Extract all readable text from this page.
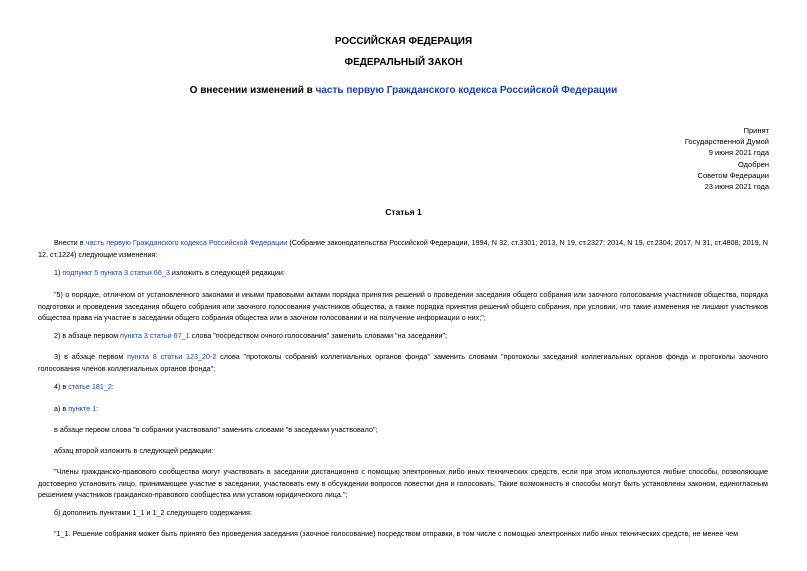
РОССИЙСКАЯ ФЕДЕРАЦИЯ
ФЕДЕРАЛЬНЫЙ ЗАКОН
О внесении изменений в часть первую Гражданского кодекса Российской Федерации
Принят
Государственной Думой
9 июня 2021 года
Одобрен
Советом Федерации
23 июня 2021 года
Статья 1
Внести в часть первую Гражданского кодекса Российской Федерации (Собрание законодательства Российской Федерации, 1994, N 32, ст.3301; 2013, N 19, ст.2327; 2014, N 19, ст.2304; 2017, N 31, ст.4808; 2019, N 12, ст.1224) следующие изменения:
1) подпункт 5 пункта 3 статьи 66_3 изложить в следующей редакции:
"5) о порядке, отличном от установленного законами и иными правовыми актами порядка принятия решений о проведении заседания общего собрания или заочного голосования участников общества, порядка подготовки и проведения заседания общего собрания или заочного голосования участников общества, а также порядка принятия решений общего собрания, при условии, что такие изменения не лишают участников общества права на участие в заседании общего собрания общества или в заочном голосовании и на получение информации о них;";
2) в абзаце первом пункта 3 статьи 67_1 слова "посредством очного голосования" заменить словами "на заседании";
3) в абзаце первом пункта 8 статьи 123_20-2 слова "протоколы собраний коллегиальных органов фонда" заменить словами "протоколы заседаний коллегиальных органов фонда и протоколы заочного голосования членов коллегиальных органов фонда";
4) в статье 181_2:
а) в пункте 1:
в абзаце первом слова "в собрании участвовало" заменить словами "в заседании участвовало";
абзац второй изложить в следующей редакции:
"Члены гражданско-правового сообщества могут участвовать в заседании дистанционно с помощью электронных либо иных технических средств, если при этом используются любые способы, позволяющие достоверно установить лицо, принимающее участие в заседании, участвовать ему в обсуждении вопросов повестки дня и голосовать. Такие возможность и способы могут быть установлены законом, единогласным решением участников гражданско-правового сообщества или уставом юридического лица.";
б) дополнить пунктами 1_1 и 1_2 следующего содержания:
"1_1. Решение собрания может быть принято без проведения заседания (заочное голосование) посредством отправки, в том числе с помощью электронных либо иных технических средств, не менее чем
